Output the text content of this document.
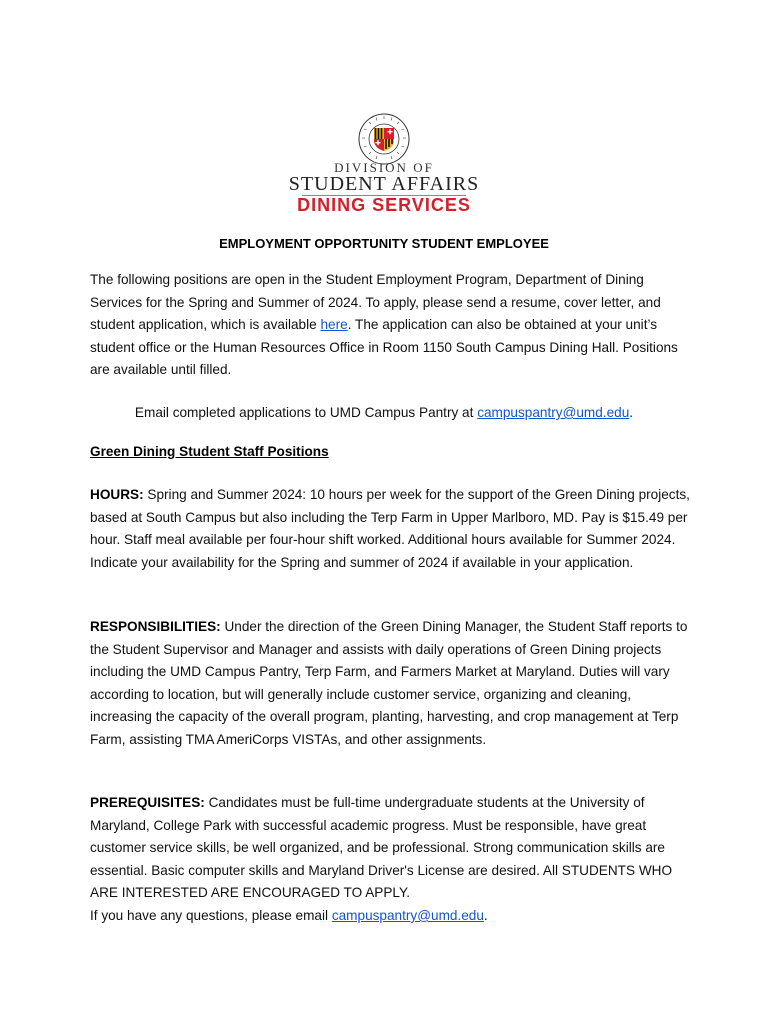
DIVISION OF
STUDENT AFFAIRS
DINING SERVICES
EMPLOYMENT OPPORTUNITY STUDENT EMPLOYEE

The following positions are open in the Student Employment Program, Department of Dining Services for the Spring and Summer of 2024. To apply, please send a resume, cover letter, and student application, which is available here. The application can also be obtained at your unit’s student office or the Human Resources Office in Room 1150 South Campus Dining Hall. Positions are available until filled.

Email completed applications to UMD Campus Pantry at campuspantry@umd.edu.
Green Dining Student Staff Positions

HOURS: Spring and Summer 2024: 10 hours per week for the support of the Green Dining projects, based at South Campus but also including the Terp Farm in Upper Marlboro, MD. Pay is $15.49 per hour. Staff meal available per four-hour shift worked. Additional hours available for Summer 2024. Indicate your availability for the Spring and summer of 2024 if available in your application.

RESPONSIBILITIES: Under the direction of the Green Dining Manager, the Student Staff reports to the Student Supervisor and Manager and assists with daily operations of Green Dining projects including the UMD Campus Pantry, Terp Farm, and Farmers Market at Maryland. Duties will vary according to location, but will generally include customer service, organizing and cleaning, increasing the capacity of the overall program, planting, harvesting, and crop management at Terp Farm, assisting TMA AmeriCorps VISTAs, and other assignments.

PREREQUISITES: Candidates must be full-time undergraduate students at the University of Maryland, College Park with successful academic progress. Must be responsible, have great customer service skills, be well organized, and be professional. Strong communication skills are essential. Basic computer skills and Maryland Driver's License are desired. All STUDENTS WHO ARE INTERESTED ARE ENCOURAGED TO APPLY.
If you have any questions, please email campuspantry@umd.edu.
